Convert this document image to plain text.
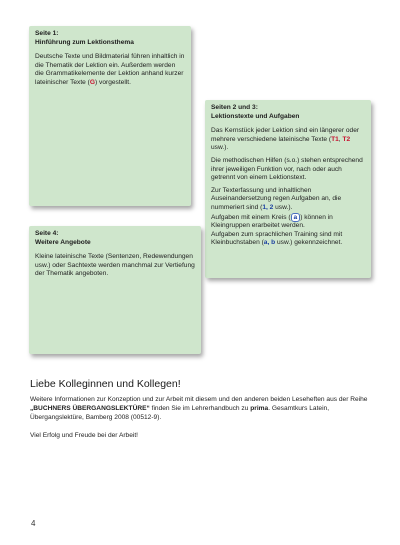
Seite 1:
Hinführung zum Lektionsthema

Deutsche Texte und Bildmaterial führen inhaltlich in die Thematik der Lektion ein. Außerdem werden die Grammatikelemente der Lektion anhand kurzer lateinischer Texte (G) vorgestellt.

Seiten 2 und 3:
Lektionstexte und Aufgaben

Das Kernstück jeder Lektion sind ein längerer oder mehrere verschiedene lateinische Texte (T1, T2 usw.).

Die methodischen Hilfen (s.o.) stehen entsprechend ihrer jeweiligen Funktion vor, nach oder auch getrennt von einem Lektionstext.

Zur Texterfassung und inhaltlichen Auseinandersetzung regen Aufgaben an, die nummeriert sind (1, 2 usw.).
Aufgaben mit einem Kreis ( a ) können in Kleingruppen erarbeitet werden.
Aufgaben zum sprachlichen Training sind mit Kleinbuchstaben (a, b usw.) gekennzeichnet.

Seite 4:
Weitere Angebote

Kleine lateinische Texte (Sentenzen, Redewendungen usw.) oder Sachtexte werden manchmal zur Vertiefung der Thematik angeboten.

Liebe Kolleginnen und Kollegen!
Weitere Informationen zur Konzeption und zur Arbeit mit diesem und den anderen beiden Leseheften aus der Reihe „BUCHNERS ÜBERGANGSLEKTÜRE“ finden Sie im Lehrerhandbuch zu prima. Gesamtkurs Latein, Übergangslektüre, Bamberg 2008 (00512-9).
Viel Erfolg und Freude bei der Arbeit!
4
